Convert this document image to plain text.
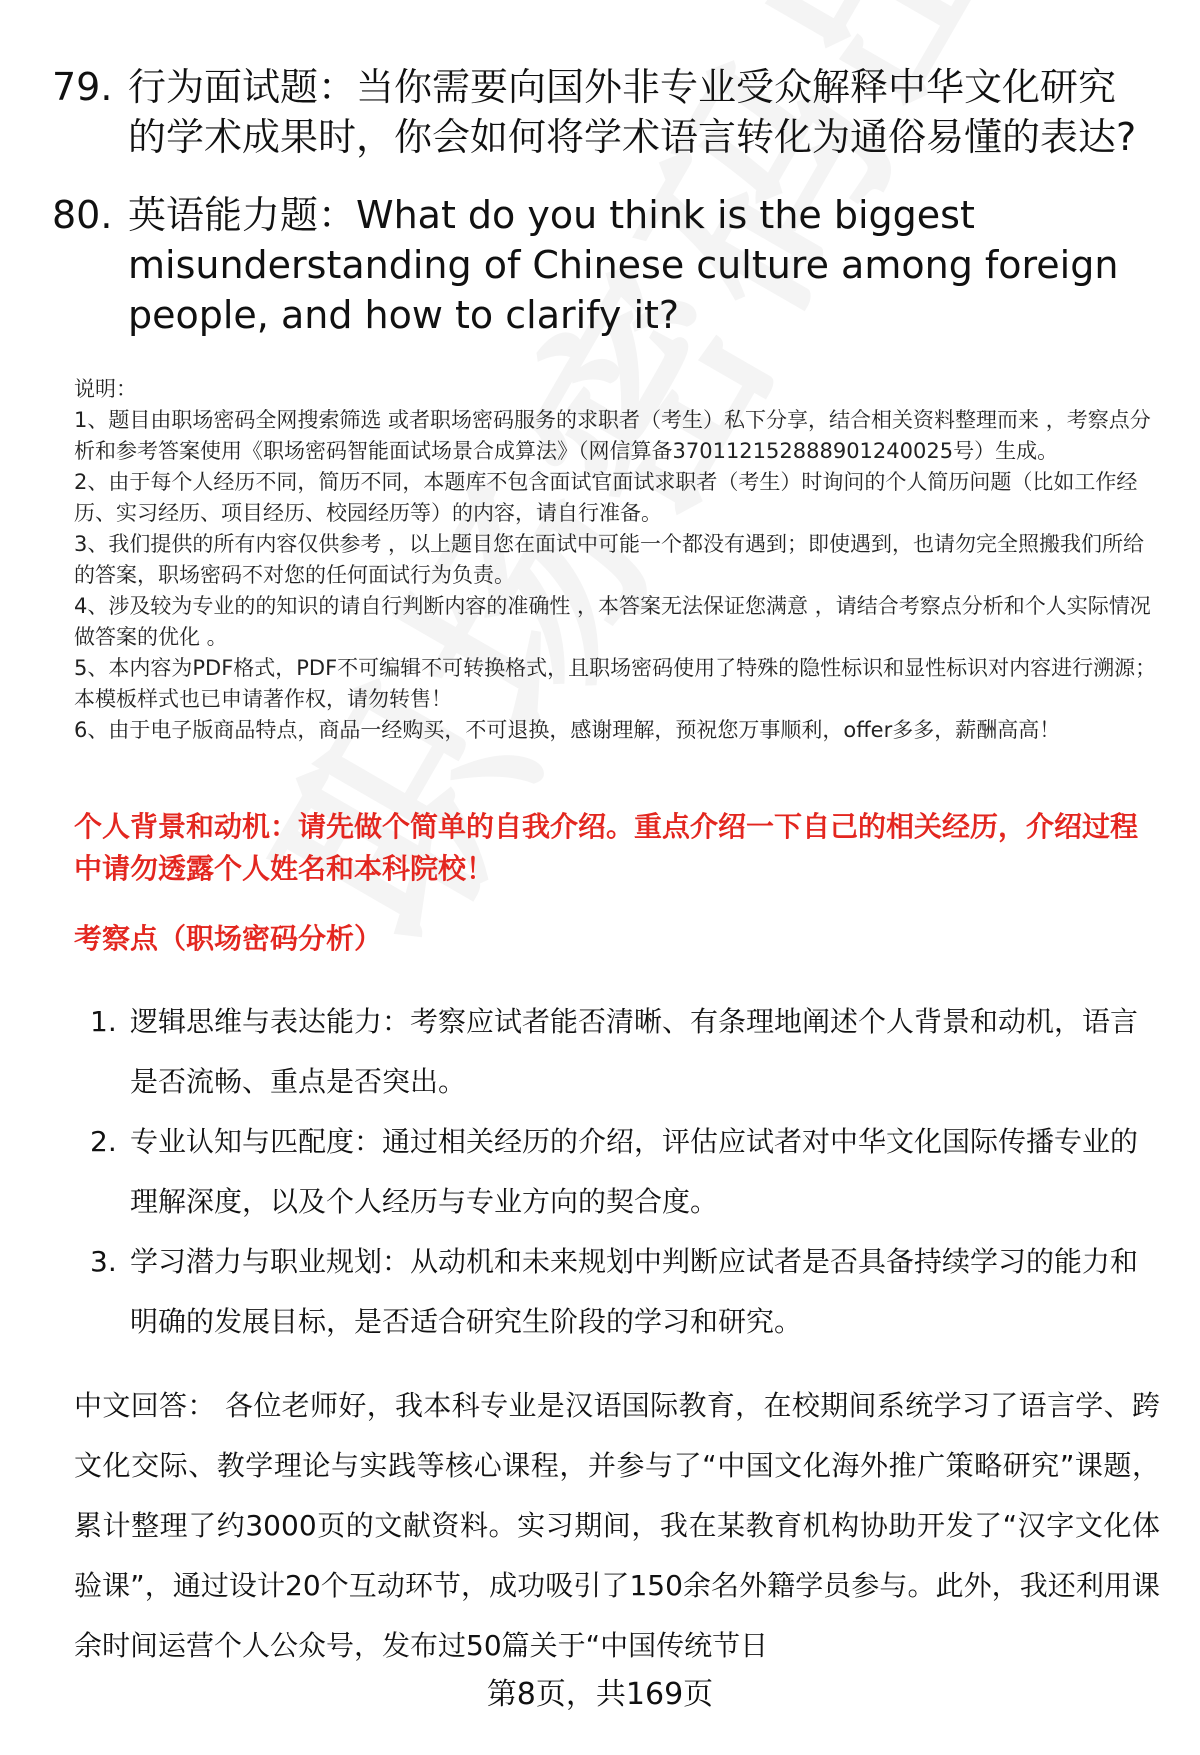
79. 行为面试题：当你需要向国外非专业受众解释中华文化研究的学术成果时，你会如何将学术语言转化为通俗易懂的表达?
80. 英语能力题：What do you think is the biggest misunderstanding of Chinese culture among foreign people, and how to clarify it?

说明：

1、题目由职场密码全网搜索筛选 或者职场密码服务的求职者（考生）私下分享，结合相关资料整理而来 ，考察点分析和参考答案使用《职场密码智能面试场景合成算法》（网信算备370112152888901240025号）生成。

2、由于每个人经历不同，简历不同，本题库不包含面试官面试求职者（考生）时询问的个人简历问题（比如工作经历、实习经历、项目经历、校园经历等）的内容，请自行准备。

3、我们提供的所有内容仅供参考 ，以上题目您在面试中可能一个都没有遇到；即使遇到，也请勿完全照搬我们所给的答案，职场密码不对您的任何面试行为负责。

4、涉及较为专业的的知识的请自行判断内容的准确性 ，本答案无法保证您满意 ，请结合考察点分析和个人实际情况做答案的优化 。

5、本内容为PDF格式，PDF不可编辑不可转换格式，且职场密码使用了特殊的隐性标识和显性标识对内容进行溯源；本模板样式也已申请著作权，请勿转售！

6、由于电子版商品特点，商品一经购买，不可退换，感谢理解，预祝您万事顺利，offer多多，薪酬高高！

个人背景和动机：请先做个简单的自我介绍。重点介绍一下自己的相关经历，介绍过程中请勿透露个人姓名和本科院校！
考察点（职场密码分析）
1. 逻辑思维与表达能力：考察应试者能否清晰、有条理地阐述个人背景和动机，语言是否流畅、重点是否突出。
2. 专业认知与匹配度：通过相关经历的介绍，评估应试者对中华文化国际传播专业的理解深度，以及个人经历与专业方向的契合度。
3. 学习潜力与职业规划：从动机和未来规划中判断应试者是否具备持续学习的能力和明确的发展目标，是否适合研究生阶段的学习和研究。
中文回答： 各位老师好，我本科专业是汉语国际教育，在校期间系统学习了语言学、跨文化交际、教学理论与实践等核心课程，并参与了“中国文化海外推广策略研究”课题，累计整理了约3000页的文献资料。实习期间，我在某教育机构协助开发了“汉字文化体验课”，通过设计20个互动环节，成功吸引了150余名外籍学员参与。此外，我还利用课余时间运营个人公众号，发布过50篇关于“中国传统节日
第8页，共169页
